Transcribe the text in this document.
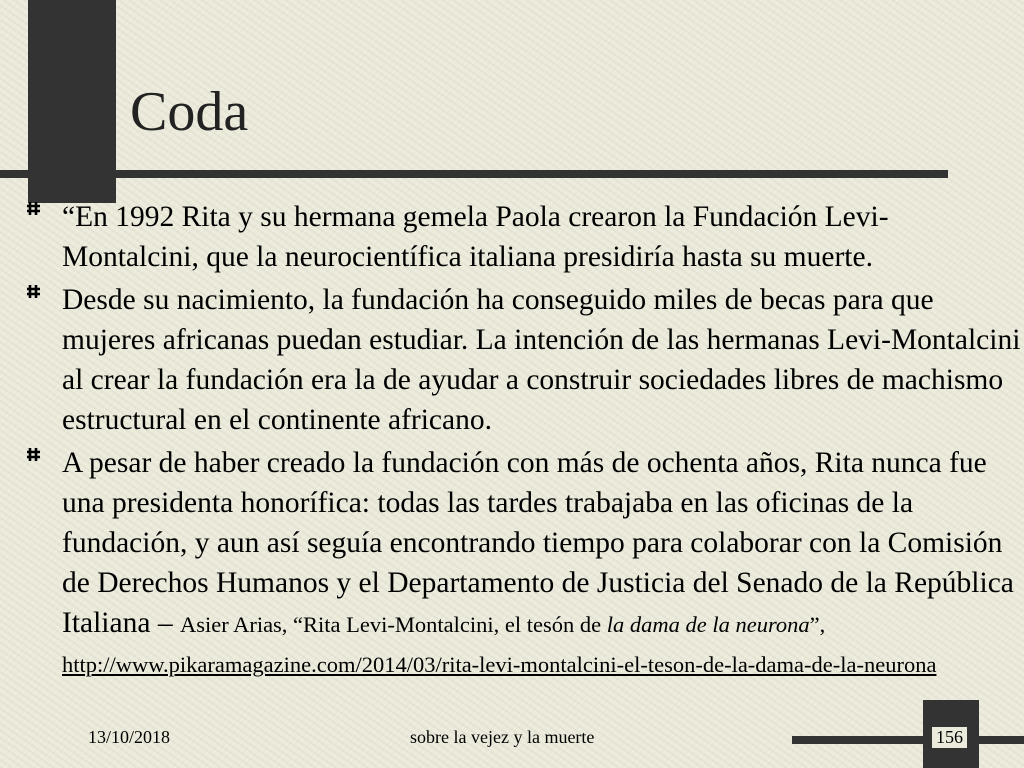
Coda

“En 1992 Rita y su hermana gemela Paola crearon la Fundación Levi-Montalcini, que la neurocientífica italiana presidiría hasta su muerte.

Desde su nacimiento, la fundación ha conseguido miles de becas para que mujeres africanas puedan estudiar. La intención de las hermanas Levi-Montalcini al crear la fundación era la de ayudar a construir sociedades libres de machismo estructural en el continente africano.

A pesar de haber creado la fundación con más de ochenta años, Rita nunca fue una presidenta honorífica: todas las tardes trabajaba en las oficinas de la fundación, y aun así seguía encontrando tiempo para colaborar con la Comisión de Derechos Humanos y el Departamento de Justicia del Senado de la República Italiana – Asier Arias, “Rita Levi-Montalcini, el tesón de la dama de la neurona”, http://www.pikaramagazine.com/2014/03/rita-levi-montalcini-el-teson-de-la-dama-de-la-neurona

13/10/2018	sobre la vejez y la muerte	156
